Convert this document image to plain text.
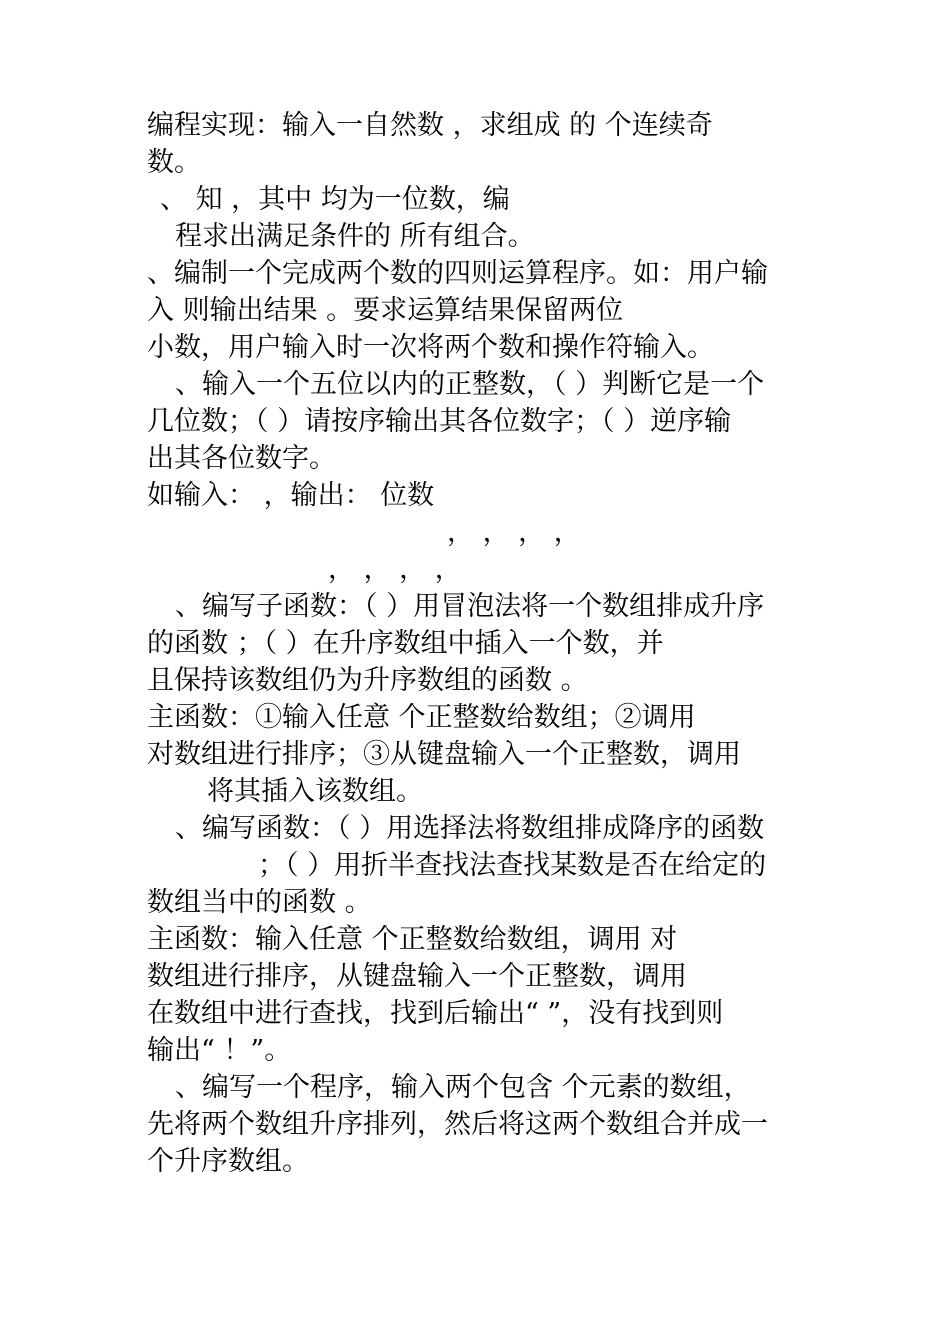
编程实现：输入一自然数 ，求组成 的 个连续奇
数。
、 知 ，其中 均为一位数，编
程求出满足条件的 所有组合。
、编制一个完成两个数的四则运算程序。如：用户输
入 则输出结果 。要求运算结果保留两位
小数，用户输入时一次将两个数和操作符输入。
、输入一个五位以内的正整数，（ ）判断它是一个
几位数；（ ）请按序输出其各位数字；（ ）逆序输
出其各位数字。
如输入： ，输出： 位数
， ， ， ，
， ， ， ，
、编写子函数：（ ）用冒泡法将一个数组排成升序
的函数 ；（ ）在升序数组中插入一个数，并
且保持该数组仍为升序数组的函数 。
主函数：①输入任意 个正整数给数组；②调用
对数组进行排序；③从键盘输入一个正整数，调用
将其插入该数组。
、编写函数：（ ）用选择法将数组排成降序的函数
；（ ）用折半查找法查找某数是否在给定的
数组当中的函数 。
主函数：输入任意 个正整数给数组，调用 对
数组进行排序，从键盘输入一个正整数，调用
在数组中进行查找，找到后输出“ ”，没有找到则
输出“ ！”。
、编写一个程序，输入两个包含 个元素的数组，
先将两个数组升序排列，然后将这两个数组合并成一
个升序数组。
